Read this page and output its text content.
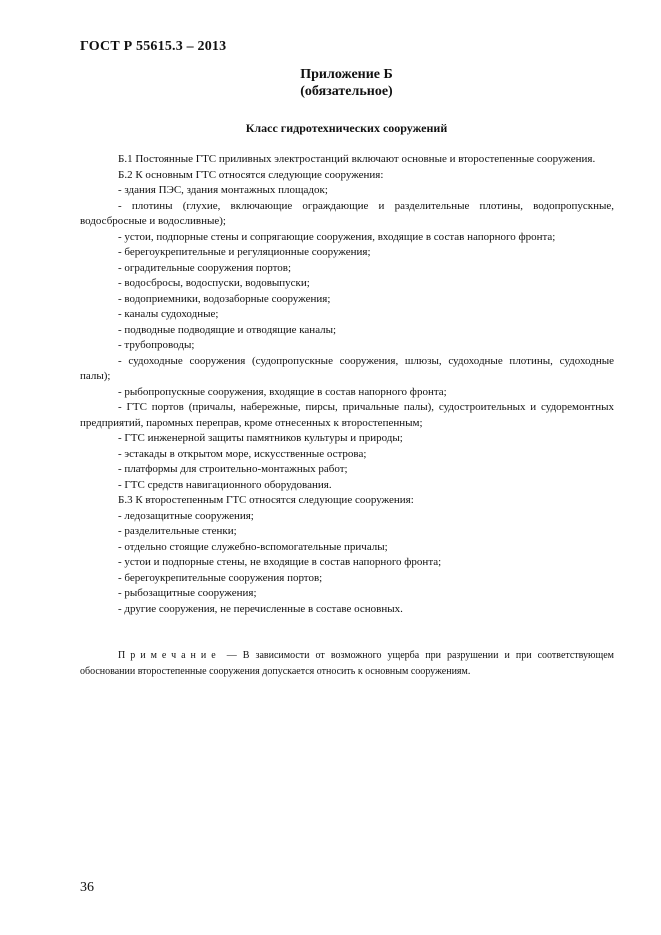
ГОСТ Р 55615.3 – 2013
Приложение Б
(обязательное)
Класс гидротехнических сооружений

Б.1 Постоянные ГТС приливных электростанций включают основные и второстепенные сооружения.

Б.2 К основным ГТС относятся следующие сооружения:

- здания ПЭС, здания монтажных площадок;

- плотины (глухие, включающие ограждающие и разделительные плотины, водопропускные, водосбросные и водосливные);

- устои, подпорные стены и сопрягающие сооружения, входящие в состав напорного фронта;

- берегоукрепительные и регуляционные сооружения;

- оградительные сооружения портов;

- водосбросы, водоспуски, водовыпуски;

- водоприемники, водозаборные сооружения;

- каналы судоходные;

- подводные подводящие и отводящие каналы;

- трубопроводы;

- судоходные сооружения (судопропускные сооружения, шлюзы, судоходные плотины, судоходные палы);

- рыбопропускные сооружения, входящие в состав напорного фронта;

- ГТС портов (причалы, набережные, пирсы, причальные палы), судостроительных и судоремонтных предприятий, паромных переправ, кроме отнесенных к второстепенным;

- ГТС инженерной защиты памятников культуры и природы;

- эстакады в открытом море, искусственные острова;

- платформы для строительно-монтажных работ;

- ГТС средств навигационного оборудования.

Б.3 К второстепенным ГТС относятся следующие сооружения:

- ледозащитные сооружения;

- разделительные стенки;

- отдельно стоящие служебно-вспомогательные причалы;

- устои и подпорные стены, не входящие в состав напорного фронта;

- берегоукрепительные сооружения портов;

- рыбозащитные сооружения;

- другие сооружения, не перечисленные в составе основных.

Примечание — В зависимости от возможного ущерба при разрушении и при соответствующем обосновании второстепенные сооружения допускается относить к основным сооружениям.
36
